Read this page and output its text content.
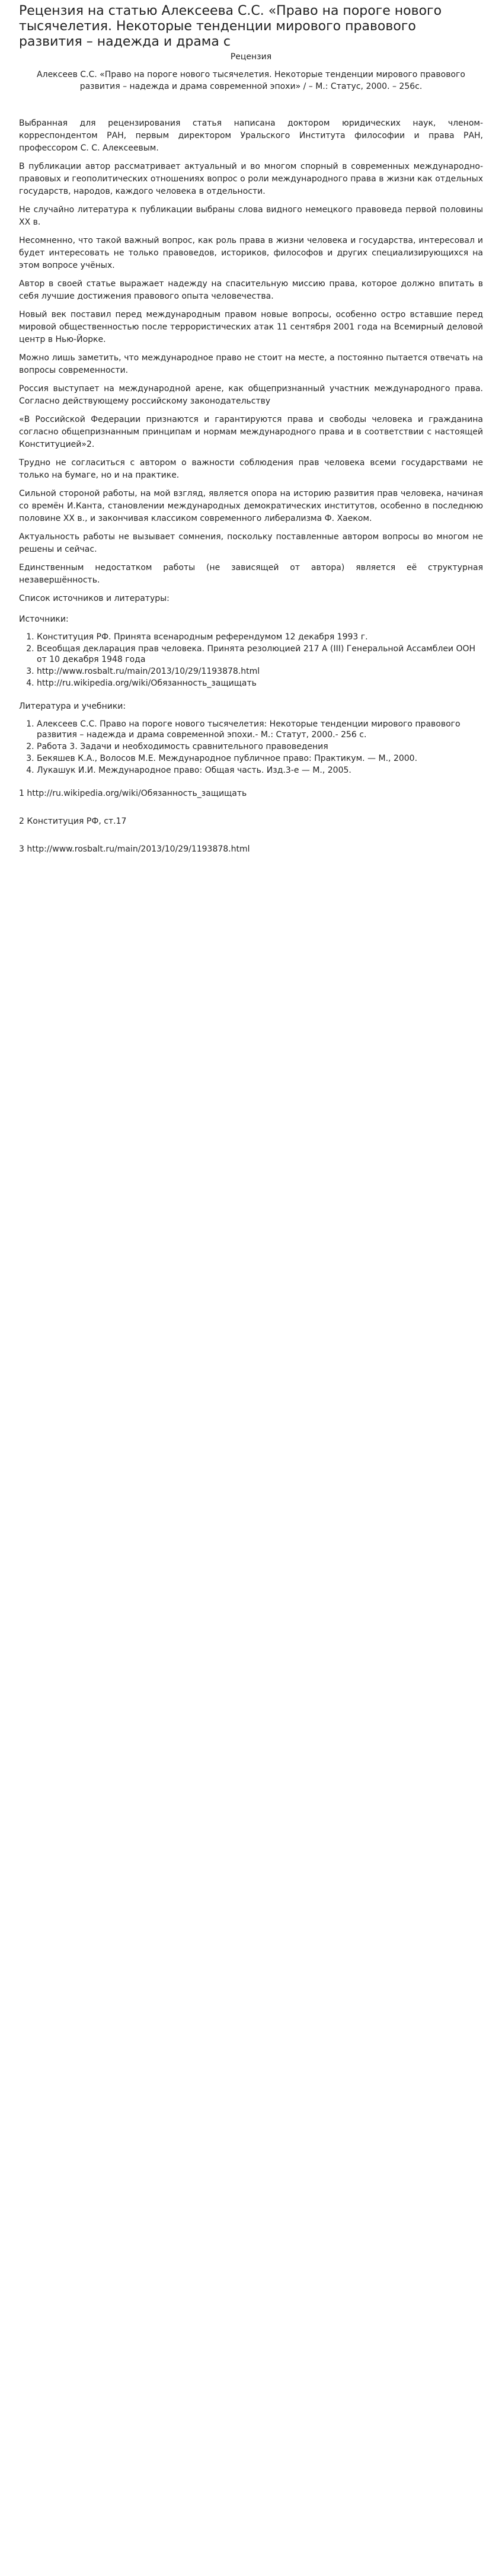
Рецензия на статью Алексеева С.С. «Право на пороге нового тысячелетия. Некоторые тенденции мирового правового развития – надежда и драма с
Рецензия
Алексеев С.С. «Право на пороге нового тысячелетия. Некоторые тенденции мирового правового развития – надежда и драма современной эпохи» / – М.: Статус, 2000. – 256с.

Выбранная для рецензирования статья написана доктором юридических наук, членом-корреспондентом РАН, первым директором Уральского Института философии и права РАН, профессором С. С. Алексеевым.

В публикации автор рассматривает актуальный и во многом спорный в современных международно-правовых и геополитических отношениях вопрос о роли международного права в жизни как отдельных государств, народов, каждого человека в отдельности.

Не случайно литература к публикации выбраны слова видного немецкого правоведа первой половины XX в.

Несомненно, что такой важный вопрос, как роль права в жизни человека и государства, интересовал и будет интересовать не только правоведов, историков, философов и других специализирующихся на этом вопросе учёных.

Автор в своей статье выражает надежду на спасительную миссию права, которое должно впитать в себя лучшие достижения правового опыта человечества.

Новый век поставил перед международным правом новые вопросы, особенно остро вставшие перед мировой общественностью после террористических атак 11 сентября 2001 года на Всемирный деловой центр в Нью-Йорке.

Можно лишь заметить, что международное право не стоит на месте, а постоянно пытается отвечать на вопросы современности.

Россия выступает на международной арене, как общепризнанный участник международного права. Согласно действующему российскому законодательству

«В Российской Федерации признаются и гарантируются права и свободы человека и гражданина согласно общепризнанным принципам и нормам международного права и в соответствии с настоящей Конституцией»2.

Трудно не согласиться с автором о важности соблюдения прав человека всеми государствами не только на бумаге, но и на практике.

Сильной стороной работы, на мой взгляд, является опора на историю развития прав человека, начиная со времён И.Канта, становлении международных демократических институтов, особенно в последнюю половине XX в., и закончивая классиком современного либерализма Ф. Хаеком.

Актуальность работы не вызывает сомнения, поскольку поставленные автором вопросы во многом не решены и сейчас.

Единственным недостатком работы (не зависящей от автора) является её структурная незавершённость.

Список источников и литературы:

Источники:

1. Конституция РФ. Принята всенародным референдумом 12 декабря 1993 г.
2. Всеобщая декларация прав человека. Принята резолюцией 217 А (III) Генеральной Ассамблеи ООН от 10 декабря 1948 года
3. http://www.rosbalt.ru/main/2013/10/29/1193878.html
4. http://ru.wikipedia.org/wiki/Обязанность_защищать

Литература и учебники:

1. Алексеев С.С. Право на пороге нового тысячелетия: Некоторые тенденции мирового правового развития – надежда и драма современной эпохи.- М.: Статут, 2000.- 256 с.
2. Работа 3. Задачи и необходимость сравнительного правоведения
3. Бекяшев К.А., Волосов М.Е. Международное публичное право: Практикум. — М., 2000.
4. Лукашук И.И. Международное право: Общая часть. Изд.3-е — М., 2005.

1 http://ru.wikipedia.org/wiki/Обязанность_защищать

2 Конституция РФ, ст.17

3 http://www.rosbalt.ru/main/2013/10/29/1193878.html
